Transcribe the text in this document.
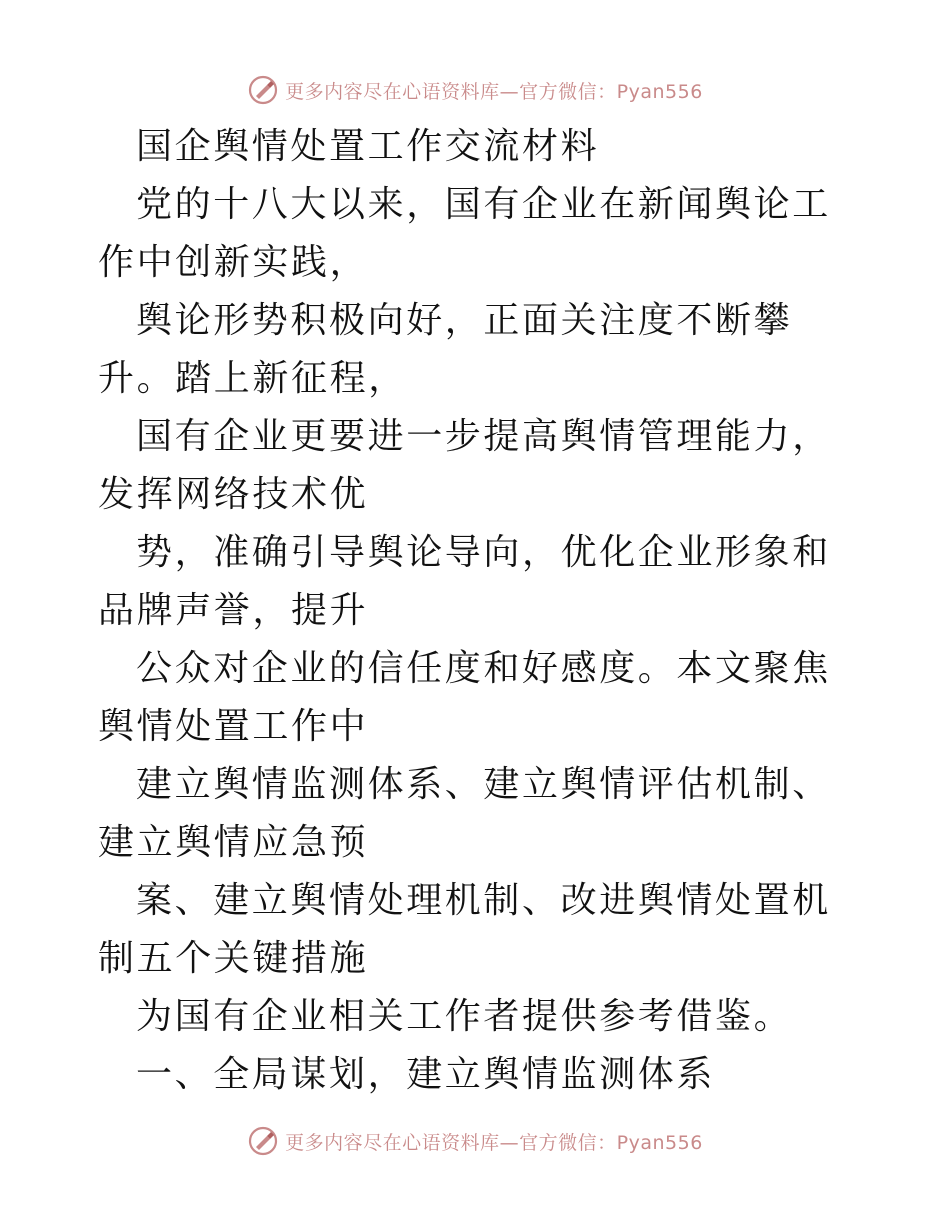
更多内容尽在心语资料库—官方微信：Pyan556

国企舆情处置工作交流材料

党的十八大以来，国有企业在新闻舆论工作中创新实践，

舆论形势积极向好，正面关注度不断攀升。踏上新征程，

国有企业更要进一步提高舆情管理能力，发挥网络技术优

势，准确引导舆论导向，优化企业形象和品牌声誉，提升

公众对企业的信任度和好感度。本文聚焦舆情处置工作中

建立舆情监测体系、建立舆情评估机制、建立舆情应急预

案、建立舆情处理机制、改进舆情处置机制五个关键措施

为国有企业相关工作者提供参考借鉴。

一、全局谋划，建立舆情监测体系

更多内容尽在心语资料库—官方微信：Pyan556
